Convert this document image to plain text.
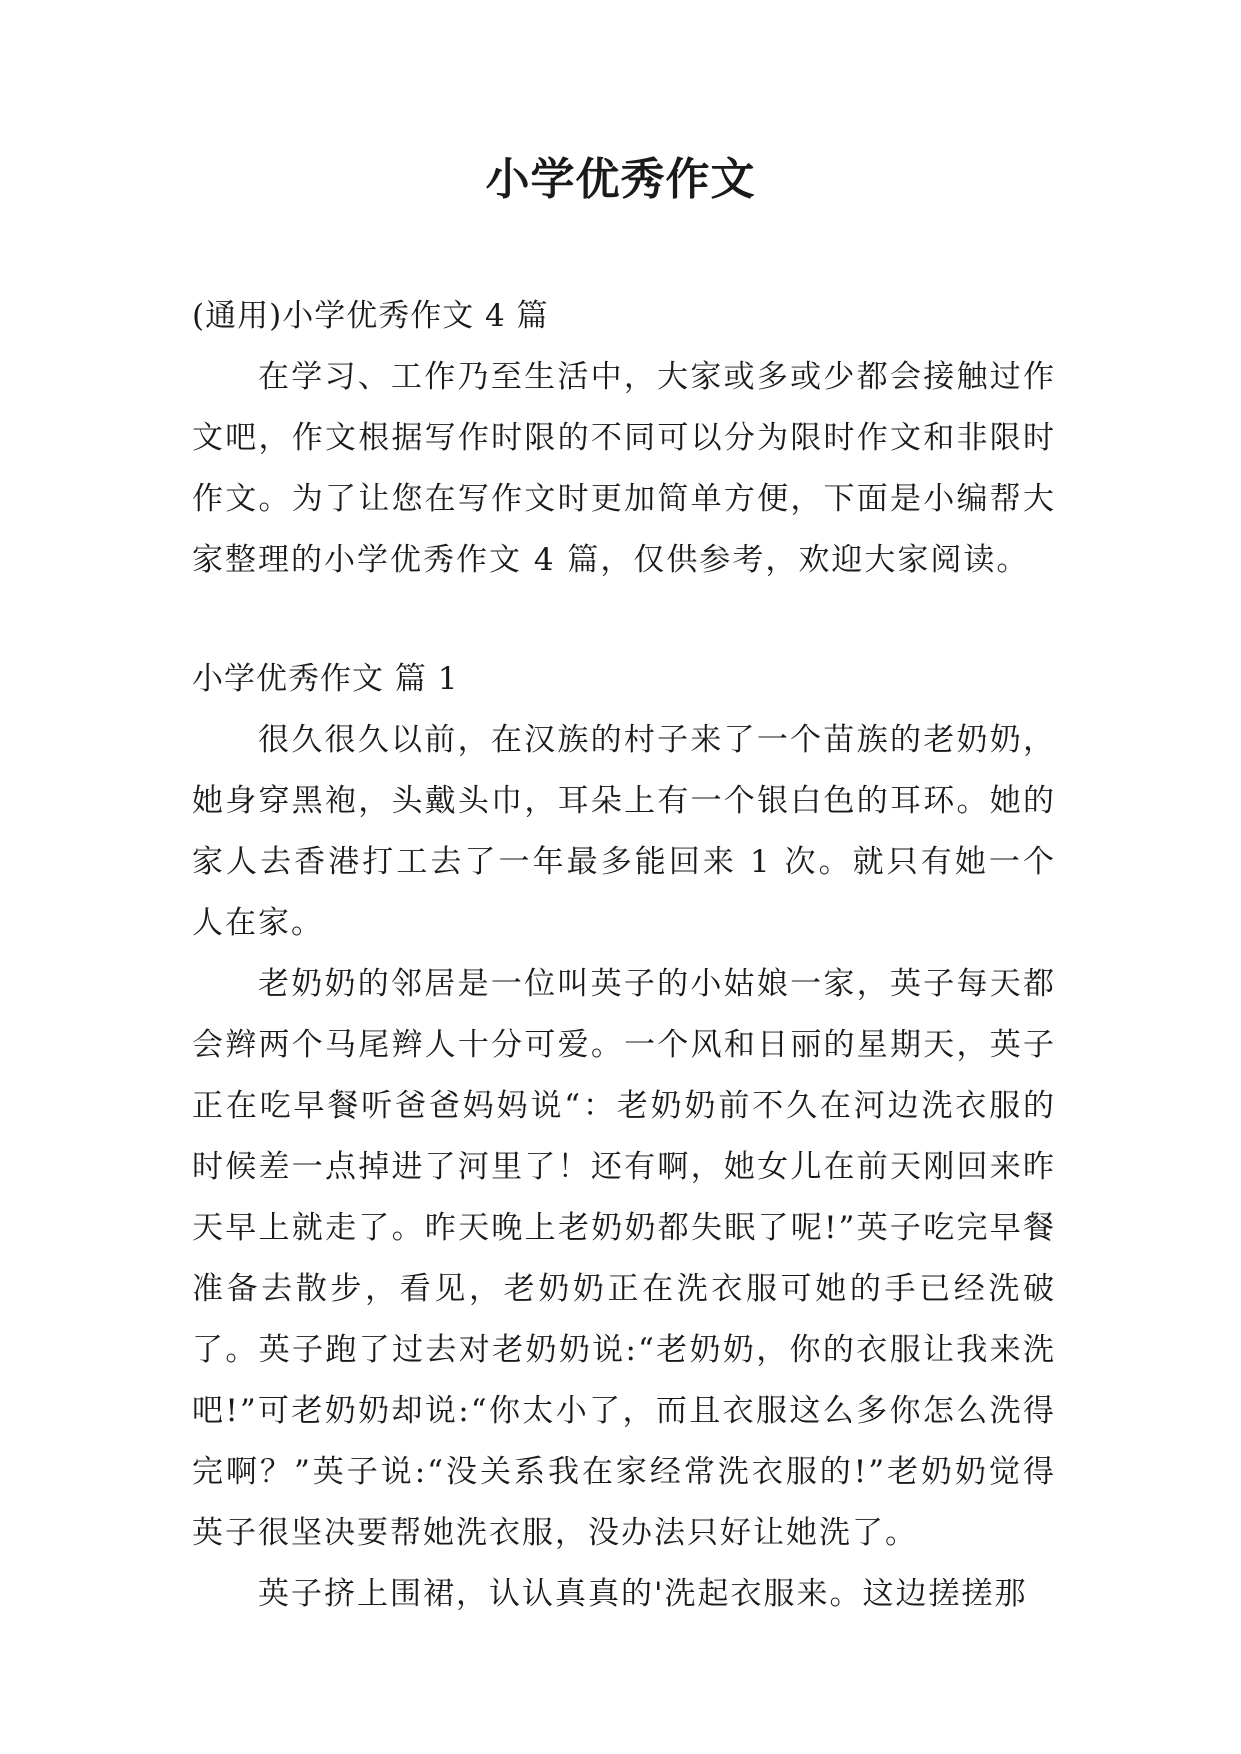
小学优秀作文

(通用)小学优秀作文 4 篇

在学习、工作乃至生活中，大家或多或少都会接触过作文吧，作文根据写作时限的不同可以分为限时作文和非限时作文。为了让您在写作文时更加简单方便，下面是小编帮大家整理的小学优秀作文 4 篇，仅供参考，欢迎大家阅读。

小学优秀作文 篇 1

很久很久以前，在汉族的村子来了一个苗族的老奶奶，她身穿黑袍，头戴头巾，耳朵上有一个银白色的耳环。她的家人去香港打工去了一年最多能回来 1 次。就只有她一个人在家。

老奶奶的邻居是一位叫英子的小姑娘一家，英子每天都会辫两个马尾辫人十分可爱。一个风和日丽的星期天，英子正在吃早餐听爸爸妈妈说“：老奶奶前不久在河边洗衣服的时候差一点掉进了河里了！还有啊，她女儿在前天刚回来昨天早上就走了。昨天晚上老奶奶都失眠了呢!”英子吃完早餐准备去散步，看见，老奶奶正在洗衣服可她的手已经洗破了。英子跑了过去对老奶奶说:“老奶奶，你的衣服让我来洗吧!”可老奶奶却说:“你太小了，而且衣服这么多你怎么洗得完啊？”英子说:“没关系我在家经常洗衣服的!”老奶奶觉得英子很坚决要帮她洗衣服，没办法只好让她洗了。

英子挤上围裙，认认真真的'洗起衣服来。这边搓搓那
